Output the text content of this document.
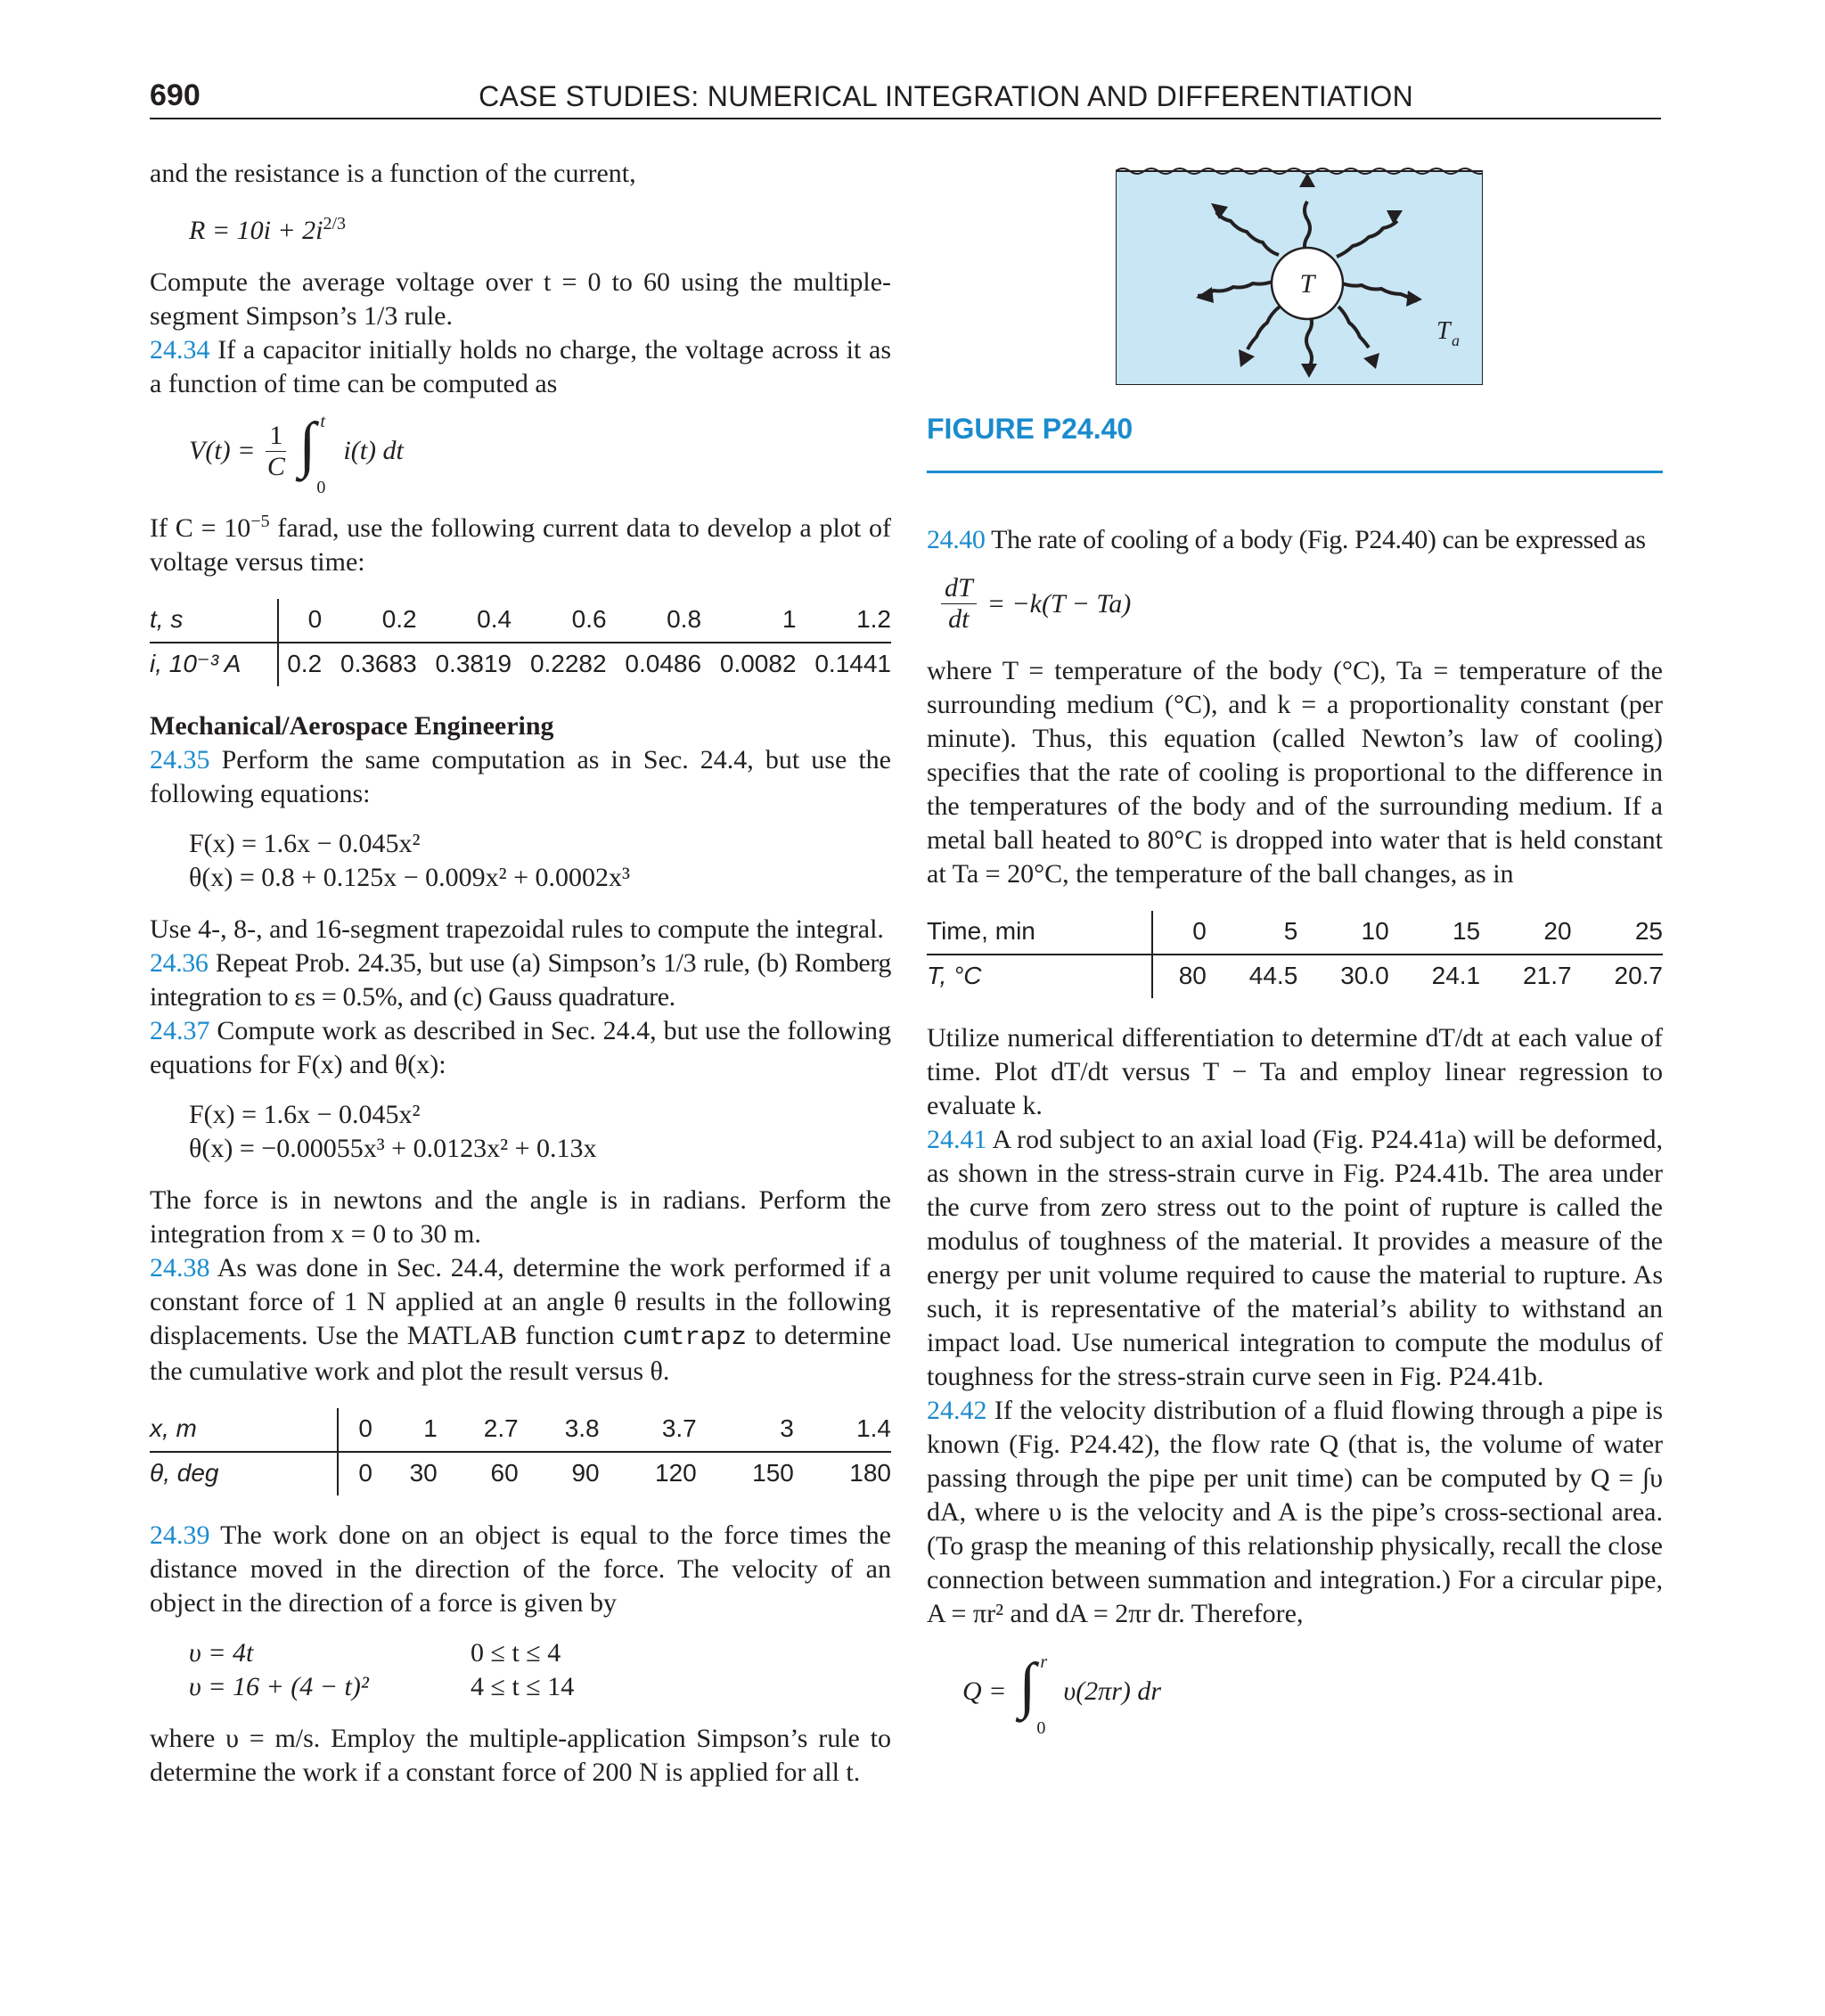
690	CASE STUDIES: NUMERICAL INTEGRATION AND DIFFERENTIATION

and the resistance is a function of the current,

$R = 10i + 2i^{2/3}$

Compute the average voltage over t = 0 to 60 using the multiple-segment Simpson’s 1/3 rule.

24.34 If a capacitor initially holds no charge, the voltage across it as a function of time can be computed as

$V(t) = \frac{1}{C}$ ∫ t
0
i(t) dt

If $C = 10^{-5}$ farad, use the following current data to develop a plot of voltage versus time:

t, s	0	0.2	0.4	0.6	0.8	1	1.2
i, 10⁻³ A	0.2	0.3683	0.3819	0.2282	0.0486	0.0082	0.1441

Mechanical/Aerospace Engineering

24.35 Perform the same computation as in Sec. 24.4, but use the following equations:

F(x) = 1.6x − 0.045x²
θ(x) = 0.8 + 0.125x − 0.009x² + 0.0002x³

Use 4-, 8-, and 16-segment trapezoidal rules to compute the integral.

24.36 Repeat Prob. 24.35, but use (a) Simpson’s 1/3 rule, (b) Romberg integration to εs = 0.5%, and (c) Gauss quadrature.

24.37 Compute work as described in Sec. 24.4, but use the following equations for F(x) and θ(x):

F(x) = 1.6x − 0.045x²
θ(x) = −0.00055x³ + 0.0123x² + 0.13x

The force is in newtons and the angle is in radians. Perform the integration from x = 0 to 30 m.

24.38 As was done in Sec. 24.4, determine the work performed if a constant force of 1 N applied at an angle θ results in the following displacements. Use the MATLAB function cumtrapz to determine the cumulative work and plot the result versus θ.

x, m	0	1	2.7	3.8	3.7	3	1.4
θ, deg	0	30	60	90	120	150	180

24.39 The work done on an object is equal to the force times the distance moved in the direction of the force. The velocity of an object in the direction of a force is given by

υ = 4t	0 ≤ t ≤ 4
υ = 16 + (4 − t)²	4 ≤ t ≤ 14

where υ = m/s. Employ the multiple-application Simpson’s rule to determine the work if a constant force of 200 N is applied for all t.

T
T a
FIGURE P24.40

24.40 The rate of cooling of a body (Fig. P24.40) can be expressed as

$\frac{dT}{dt} = -k(T - Ta)$

where T = temperature of the body (°C), Ta = temperature of the surrounding medium (°C), and k = a proportionality constant (per minute). Thus, this equation (called Newton’s law of cooling) specifies that the rate of cooling is proportional to the difference in the temperatures of the body and of the surrounding medium. If a metal ball heated to 80°C is dropped into water that is held constant at Ta = 20°C, the temperature of the ball changes, as in

Time, min	0	5	10	15	20	25
T, °C	80	44.5	30.0	24.1	21.7	20.7

Utilize numerical differentiation to determine dT/dt at each value of time. Plot dT/dt versus T − Ta and employ linear regression to evaluate k.

24.41 A rod subject to an axial load (Fig. P24.41a) will be deformed, as shown in the stress-strain curve in Fig. P24.41b. The area under the curve from zero stress out to the point of rupture is called the modulus of toughness of the material. It provides a measure of the energy per unit volume required to cause the material to rupture. As such, it is representative of the material’s ability to withstand an impact load. Use numerical integration to compute the modulus of toughness for the stress-strain curve seen in Fig. P24.41b.

24.42 If the velocity distribution of a fluid flowing through a pipe is known (Fig. P24.42), the flow rate Q (that is, the volume of water passing through the pipe per unit time) can be computed by Q = ∫υ dA, where υ is the velocity and A is the pipe’s cross-sectional area. (To grasp the meaning of this relationship physically, recall the close connection between summation and integration.) For a circular pipe, A = πr² and dA = 2πr dr. Therefore,

Q = ∫ r
0
υ(2πr) dr
